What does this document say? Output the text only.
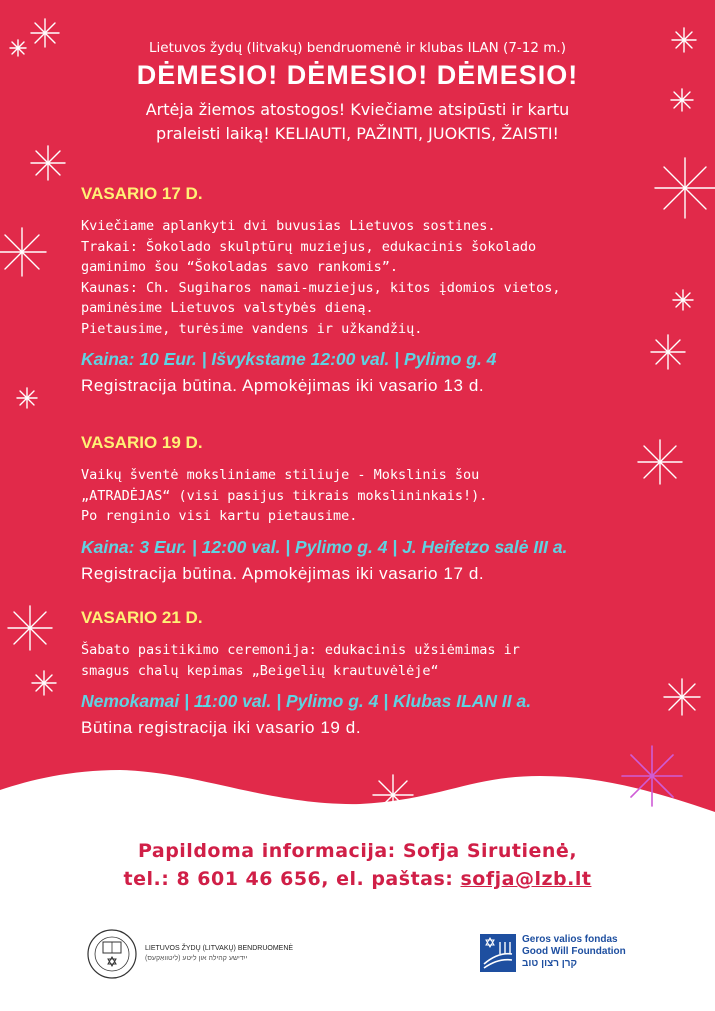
Lietuvos žydų (litvakų) bendruomenė ir klubas ILAN (7-12 m.)
DĖMESIO! DĖMESIO! DĖMESIO!
Artėja žiemos atostogos! Kviečiame atsipūsti ir kartu
praleisti laiką! KELIAUTI, PAŽINTI, JUOKTIS, ŽAISTI!
VASARIO 17 D.
Kviečiame aplankyti dvi buvusias Lietuvos sostines.
Trakai: Šokolado skulptūrų muziejus, edukacinis šokolado
gaminimo šou “Šokoladas savo rankomis”.
Kaunas: Ch. Sugiharos namai-muziejus, kitos įdomios vietos,
paminėsime Lietuvos valstybės dieną.
Pietausime, turėsime vandens ir užkandžių.
Kaina: 10 Eur. | Išvykstame 12:00 val. | Pylimo g. 4
Registracija būtina. Apmokėjimas iki vasario 13 d.
VASARIO 19 D.
Vaikų šventė moksliniame stiliuje - Mokslinis šou
„ATRADĖJAS“ (visi pasijus tikrais mokslininkais!).
Po renginio visi kartu pietausime.
Kaina: 3 Eur. | 12:00 val. | Pylimo g. 4 | J. Heifetzo salė III a.
Registracija būtina. Apmokėjimas iki vasario 17 d.
VASARIO 21 D.
Šabato pasitikimo ceremonija: edukacinis užsiėmimas ir
smagus chalų kepimas „Beigelių krautuvėlėje“
Nemokamai | 11:00 val. | Pylimo g. 4 | Klubas ILAN II a.
Būtina registracija iki vasario 19 d.
Papildoma informacija: Sofja Sirutienė,
tel.: 8 601 46 656, el. paštas: sofja@lzb.lt
LIETUVOS ŽYDŲ (LITVAKŲ) BENDRUOMENĖ
ייִדישע קהילה און ליטע (ליטוואַקעס)
Geros valios fondas
Good Will Foundation
קרן רצון טוב
